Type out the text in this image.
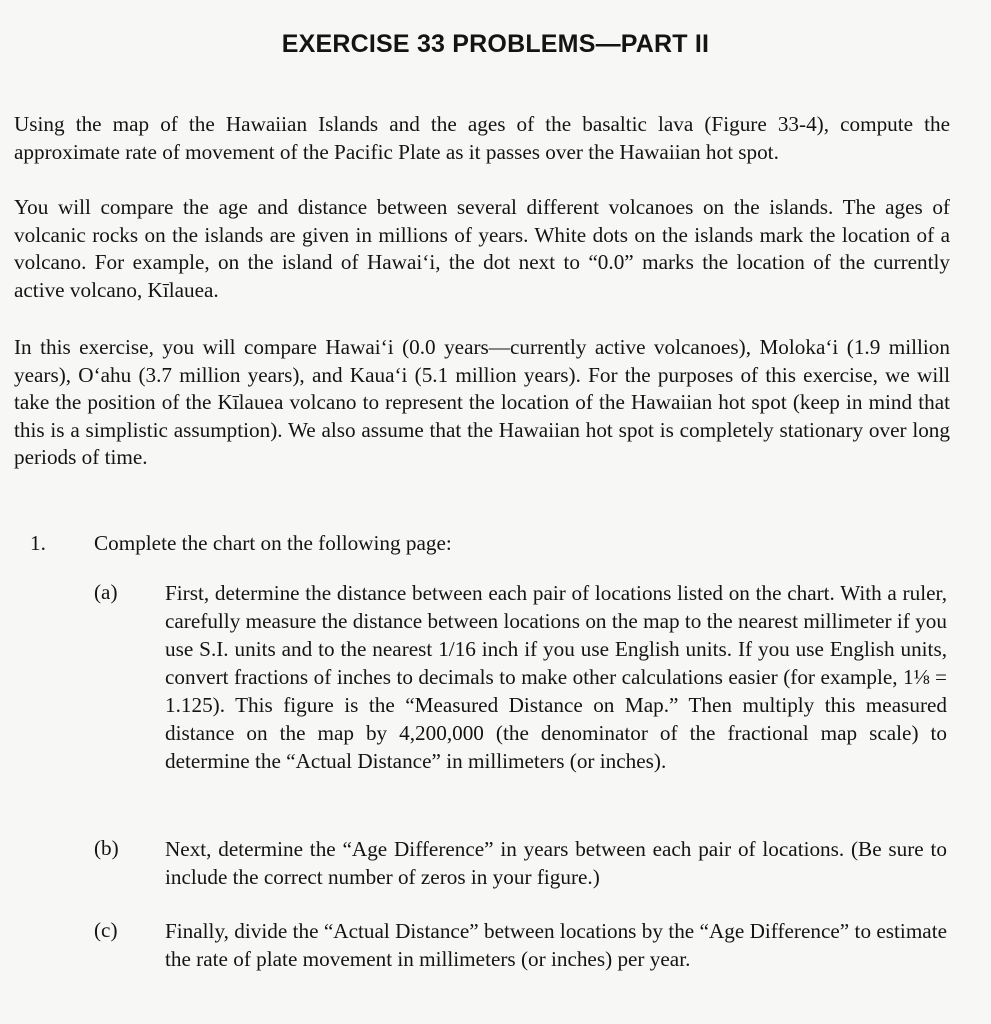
EXERCISE 33 PROBLEMS—PART II

Using the map of the Hawaiian Islands and the ages of the basaltic lava (Figure 33-4), compute the approximate rate of movement of the Pacific Plate as it passes over the Hawaiian hot spot.

You will compare the age and distance between several different volcanoes on the islands. The ages of volcanic rocks on the islands are given in millions of years. White dots on the islands mark the location of a volcano. For example, on the island of Hawai‘i, the dot next to “0.0” marks the location of the currently active volcano, Kīlauea.

In this exercise, you will compare Hawai‘i (0.0 years—currently active volcanoes), Moloka‘i (1.9 million years), O‘ahu (3.7 million years), and Kaua‘i (5.1 million years). For the purposes of this exercise, we will take the position of the Kīlauea volcano to represent the location of the Hawaiian hot spot (keep in mind that this is a simplistic assumption). We also assume that the Hawaiian hot spot is completely stationary over long periods of time.

1. Complete the chart on the following page:
(a) First, determine the distance between each pair of locations listed on the chart. With a ruler, carefully measure the distance between locations on the map to the nearest millimeter if you use S.I. units and to the nearest 1/16 inch if you use English units. If you use English units, convert fractions of inches to decimals to make other calculations easier (for example, 1⅛ = 1.125). This figure is the “Measured Distance on Map.” Then multiply this measured distance on the map by 4,200,000 (the denominator of the fractional map scale) to determine the “Actual Distance” in millimeters (or inches).

(b) Next, determine the “Age Difference” in years between each pair of locations. (Be sure to include the correct number of zeros in your figure.)

(c) Finally, divide the “Actual Distance” between locations by the “Age Difference” to estimate the rate of plate movement in millimeters (or inches) per year.
